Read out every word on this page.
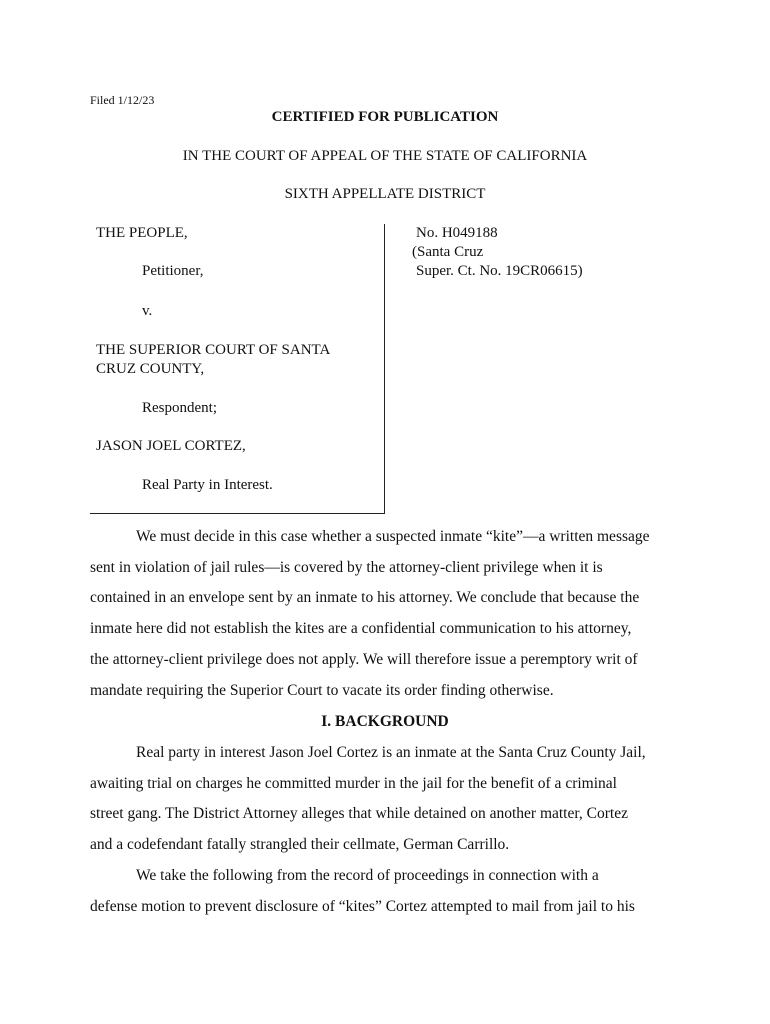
Filed 1/12/23
CERTIFIED FOR PUBLICATION
IN THE COURT OF APPEAL OF THE STATE OF CALIFORNIA
SIXTH APPELLATE DISTRICT
THE PEOPLE,
Petitioner,
v.
THE SUPERIOR COURT OF SANTA
CRUZ COUNTY,
Respondent;
JASON JOEL CORTEZ,
Real Party in Interest.
No. H049188
(Santa Cruz
Super. Ct. No. 19CR06615)
We must decide in this case whether a suspected inmate “kite”—a written message
sent in violation of jail rules—is covered by the attorney-client privilege when it is
contained in an envelope sent by an inmate to his attorney. We conclude that because the
inmate here did not establish the kites are a confidential communication to his attorney,
the attorney-client privilege does not apply. We will therefore issue a peremptory writ of
mandate requiring the Superior Court to vacate its order finding otherwise.
I. BACKGROUND
Real party in interest Jason Joel Cortez is an inmate at the Santa Cruz County Jail,
awaiting trial on charges he committed murder in the jail for the benefit of a criminal
street gang. The District Attorney alleges that while detained on another matter, Cortez
and a codefendant fatally strangled their cellmate, German Carrillo.
We take the following from the record of proceedings in connection with a
defense motion to prevent disclosure of “kites” Cortez attempted to mail from jail to his
